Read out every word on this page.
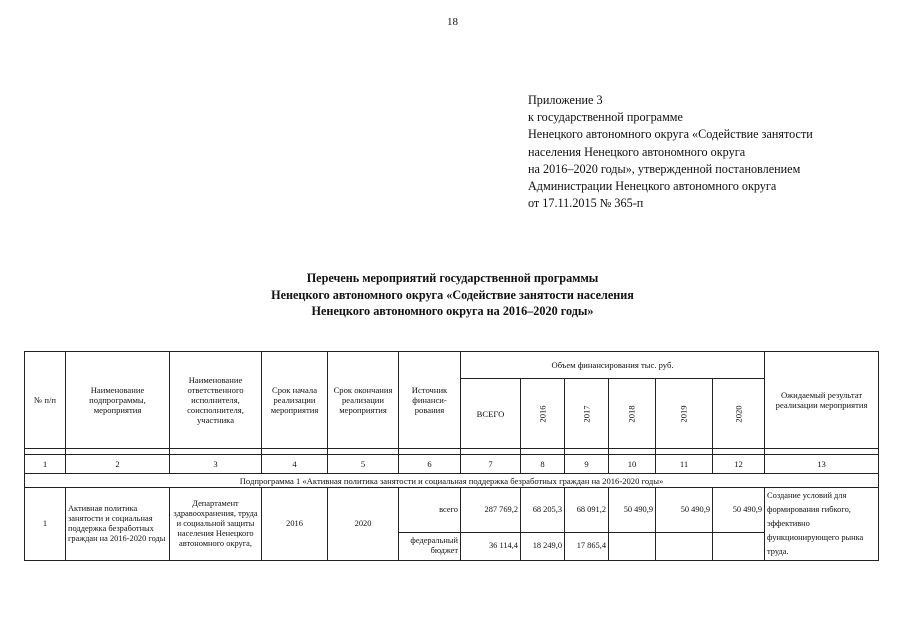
18
Приложение 3
к государственной программе
Ненецкого автономного округа «Содействие занятости
населения Ненецкого автономного округа
на 2016–2020 годы», утвержденной постановлением
Администрации Ненецкого автономного округа
от 17.11.2015 № 365-п
Перечень мероприятий государственной программы
Ненецкого автономного округа «Содействие занятости населения
Ненецкого автономного округа на 2016–2020 годы»
№ п/п	Наименование подпрограммы, мероприятия	Наименование ответственного исполнителя, соисполнителя, участника	Срок начала реализации мероприятия	Срок окончания реализации мероприятия	Источник финанси-рования	Объем финансирования тыс. руб.						Ожидаемый результат реализации мероприятия
						ВСЕГО	2016	2017	2018	2019	2020	

1	2	3	4	5	6	7	8	9	10	11	12	13
Подпрограмма 1 «Активная политика занятости и социальная поддержка безработных граждан на 2016-2020 годы»												
1	Активная политика занятости и социальная поддержка безработных граждан на 2016-2020 годы	Департамент здравоохранения, труда и социальной защиты населения Ненецкого автономного округа,	2016	2020	всего	287 769,2	68 205,3	68 091,2	50 490,9	50 490,9	50 490,9	Создание условий для формирования гибкого, эффективно функционирующего рынка труда.
					федеральный бюджет	36 114,4	18 249,0	17 865,4				
